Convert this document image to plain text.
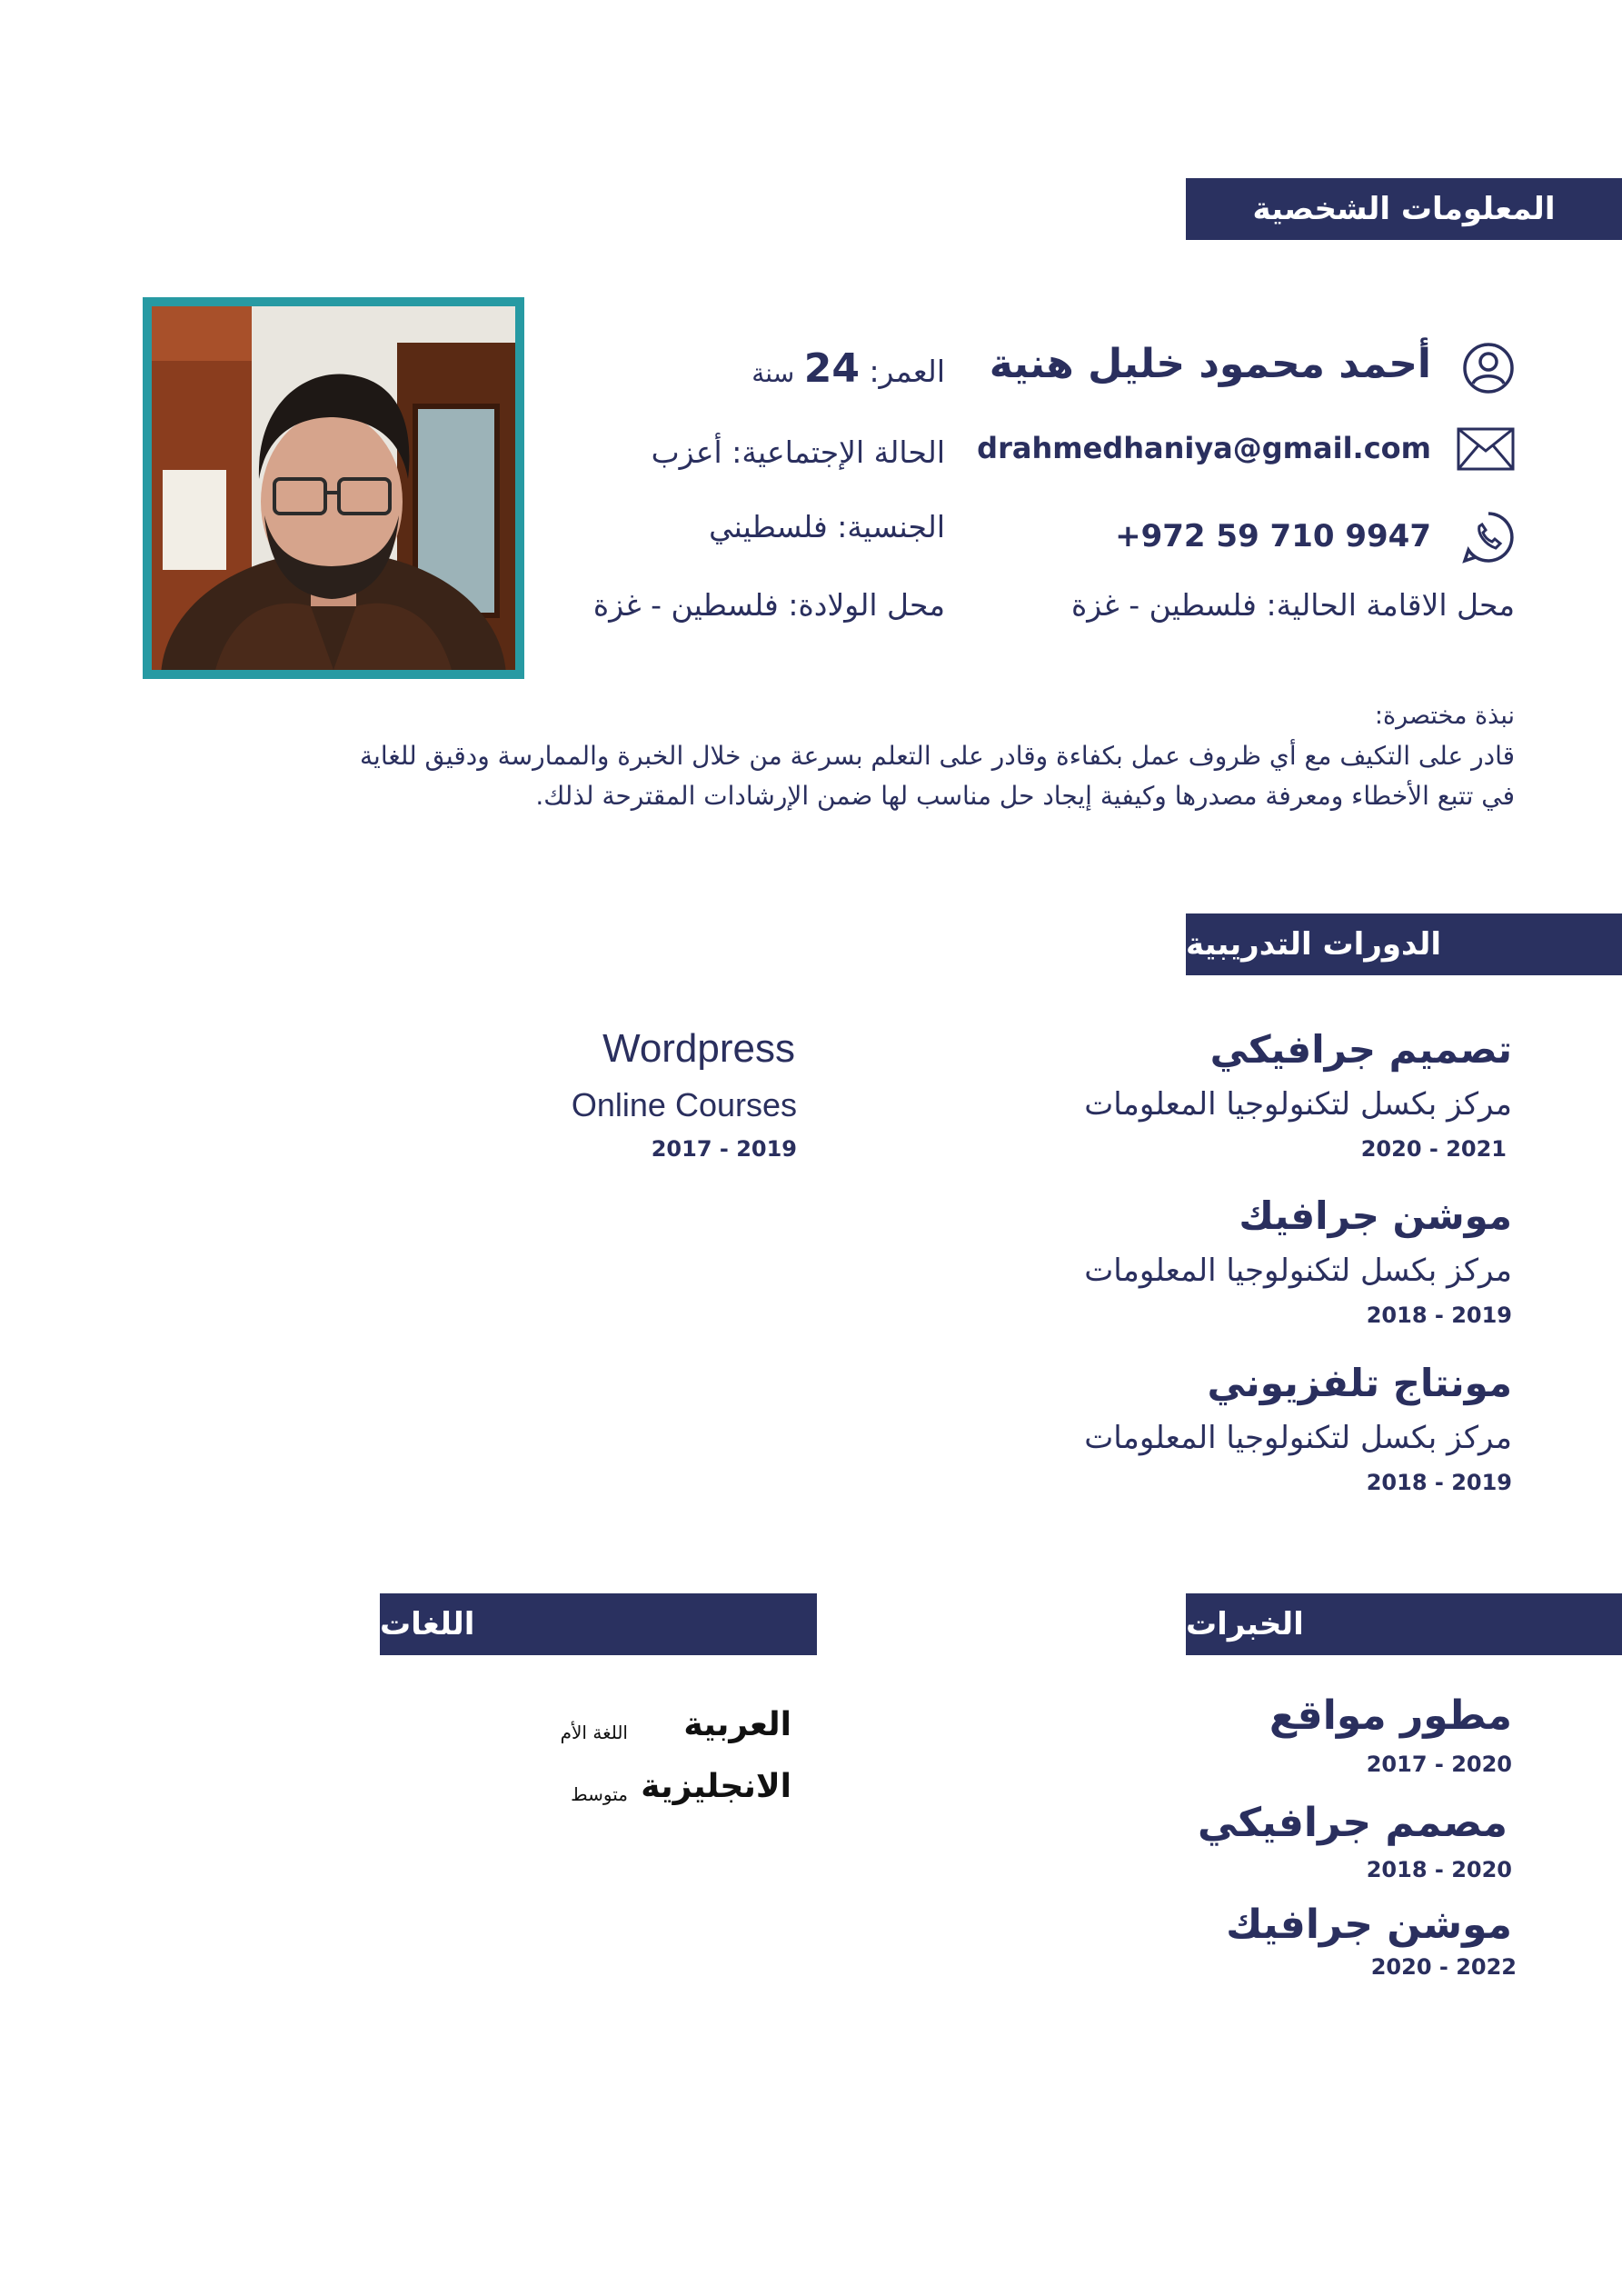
المعلومات الشخصية
أحمد محمود خليل هنية
drahmedhaniya@gmail.com
+972 59 710 9947
محل الاقامة الحالية: فلسطين - غزة
العمر: 24 سنة
الحالة الإجتماعية: أعزب
الجنسية: فلسطيني
محل الولادة: فلسطين - غزة
نبذة مختصرة:
قادر على التكيف مع أي ظروف عمل بكفاءة وقادر على التعلم بسرعة من خلال الخبرة والممارسة ودقيق للغاية
في تتبع الأخطاء ومعرفة مصدرها وكيفية إيجاد حل مناسب لها ضمن الإرشادات المقترحة لذلك.
الدورات التدريبية
تصميم جرافيكي
مركز بكسل لتكنولوجيا المعلومات
2020 - 2021
موشن جرافيك
مركز بكسل لتكنولوجيا المعلومات
2018 - 2019
مونتاج تلفزيوني
مركز بكسل لتكنولوجيا المعلومات
2018 - 2019
Wordpress
Online Courses
2017 - 2019
الخبرات
اللغات
مطور مواقع
2017 - 2020
مصمم جرافيكي
2018 - 2020
موشن جرافيك
2020 - 2022
العربية
اللغة الأم
الانجليزية
متوسط
